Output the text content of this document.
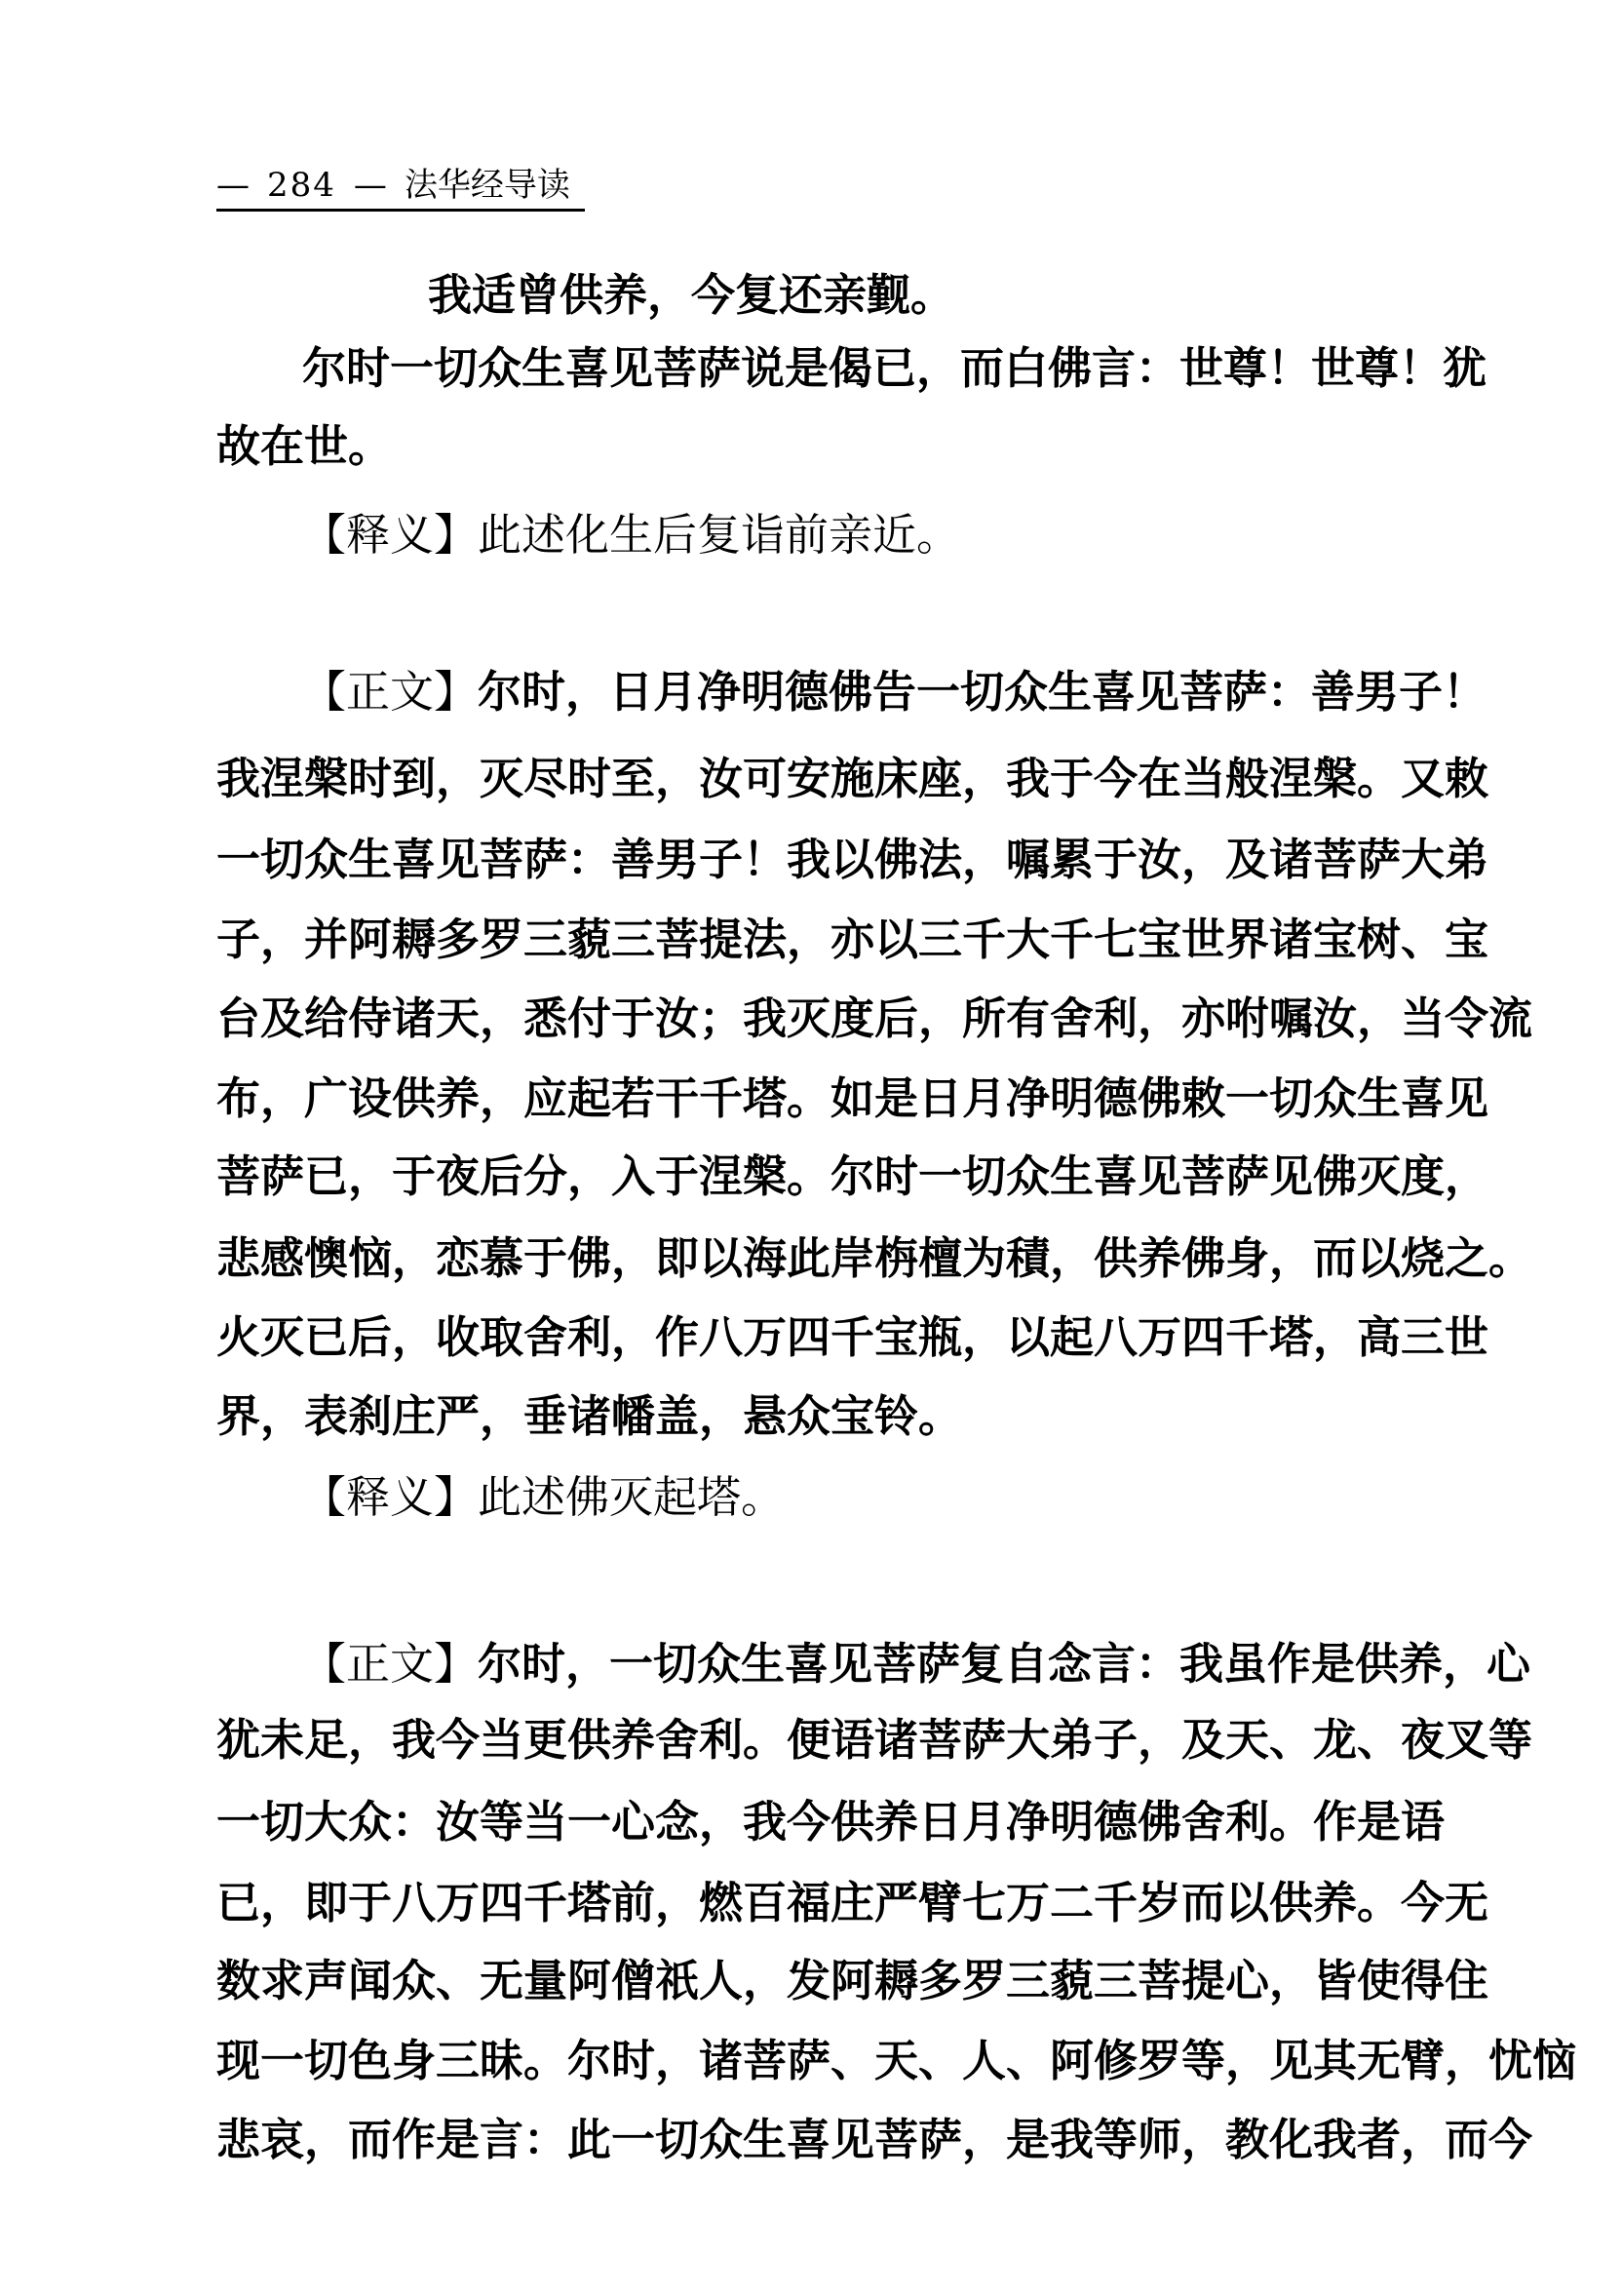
— 284 — 法华经导读
我适曾供养，今复还亲觐。
尔时一切众生喜见菩萨说是偈已，而白佛言：世尊！世尊！犹
故在世。
【释义】此述化生后复诣前亲近。
【正文】尔时，日月净明德佛告一切众生喜见菩萨：善男子！
我涅槃时到，灭尽时至，汝可安施床座，我于今在当般涅槃。又敕
一切众生喜见菩萨：善男子！我以佛法，嘱累于汝，及诸菩萨大弟
子，并阿耨多罗三藐三菩提法，亦以三千大千七宝世界诸宝树、宝
台及给侍诸天，悉付于汝；我灭度后，所有舍利，亦咐嘱汝，当令流
布，广设供养，应起若干千塔。如是日月净明德佛敕一切众生喜见
菩萨已，于夜后分，入于涅槃。尔时一切众生喜见菩萨见佛灭度，
悲感懊恼，恋慕于佛，即以海此岸栴檀为積，供养佛身，而以烧之。
火灭已后，收取舍利，作八万四千宝瓶，以起八万四千塔，高三世
界，表刹庄严，垂诸幡盖，悬众宝铃。
【释义】此述佛灭起塔。
【正文】尔时，一切众生喜见菩萨复自念言：我虽作是供养，心
犹未足，我今当更供养舍利。便语诸菩萨大弟子，及天、龙、夜叉等
一切大众：汝等当一心念，我今供养日月净明德佛舍利。作是语
已，即于八万四千塔前，燃百福庄严臂七万二千岁而以供养。今无
数求声闻众、无量阿僧祇人，发阿耨多罗三藐三菩提心，皆使得住
现一切色身三昧。尔时，诸菩萨、天、人、阿修罗等，见其无臂，忧恼
悲哀，而作是言：此一切众生喜见菩萨，是我等师，教化我者，而今
